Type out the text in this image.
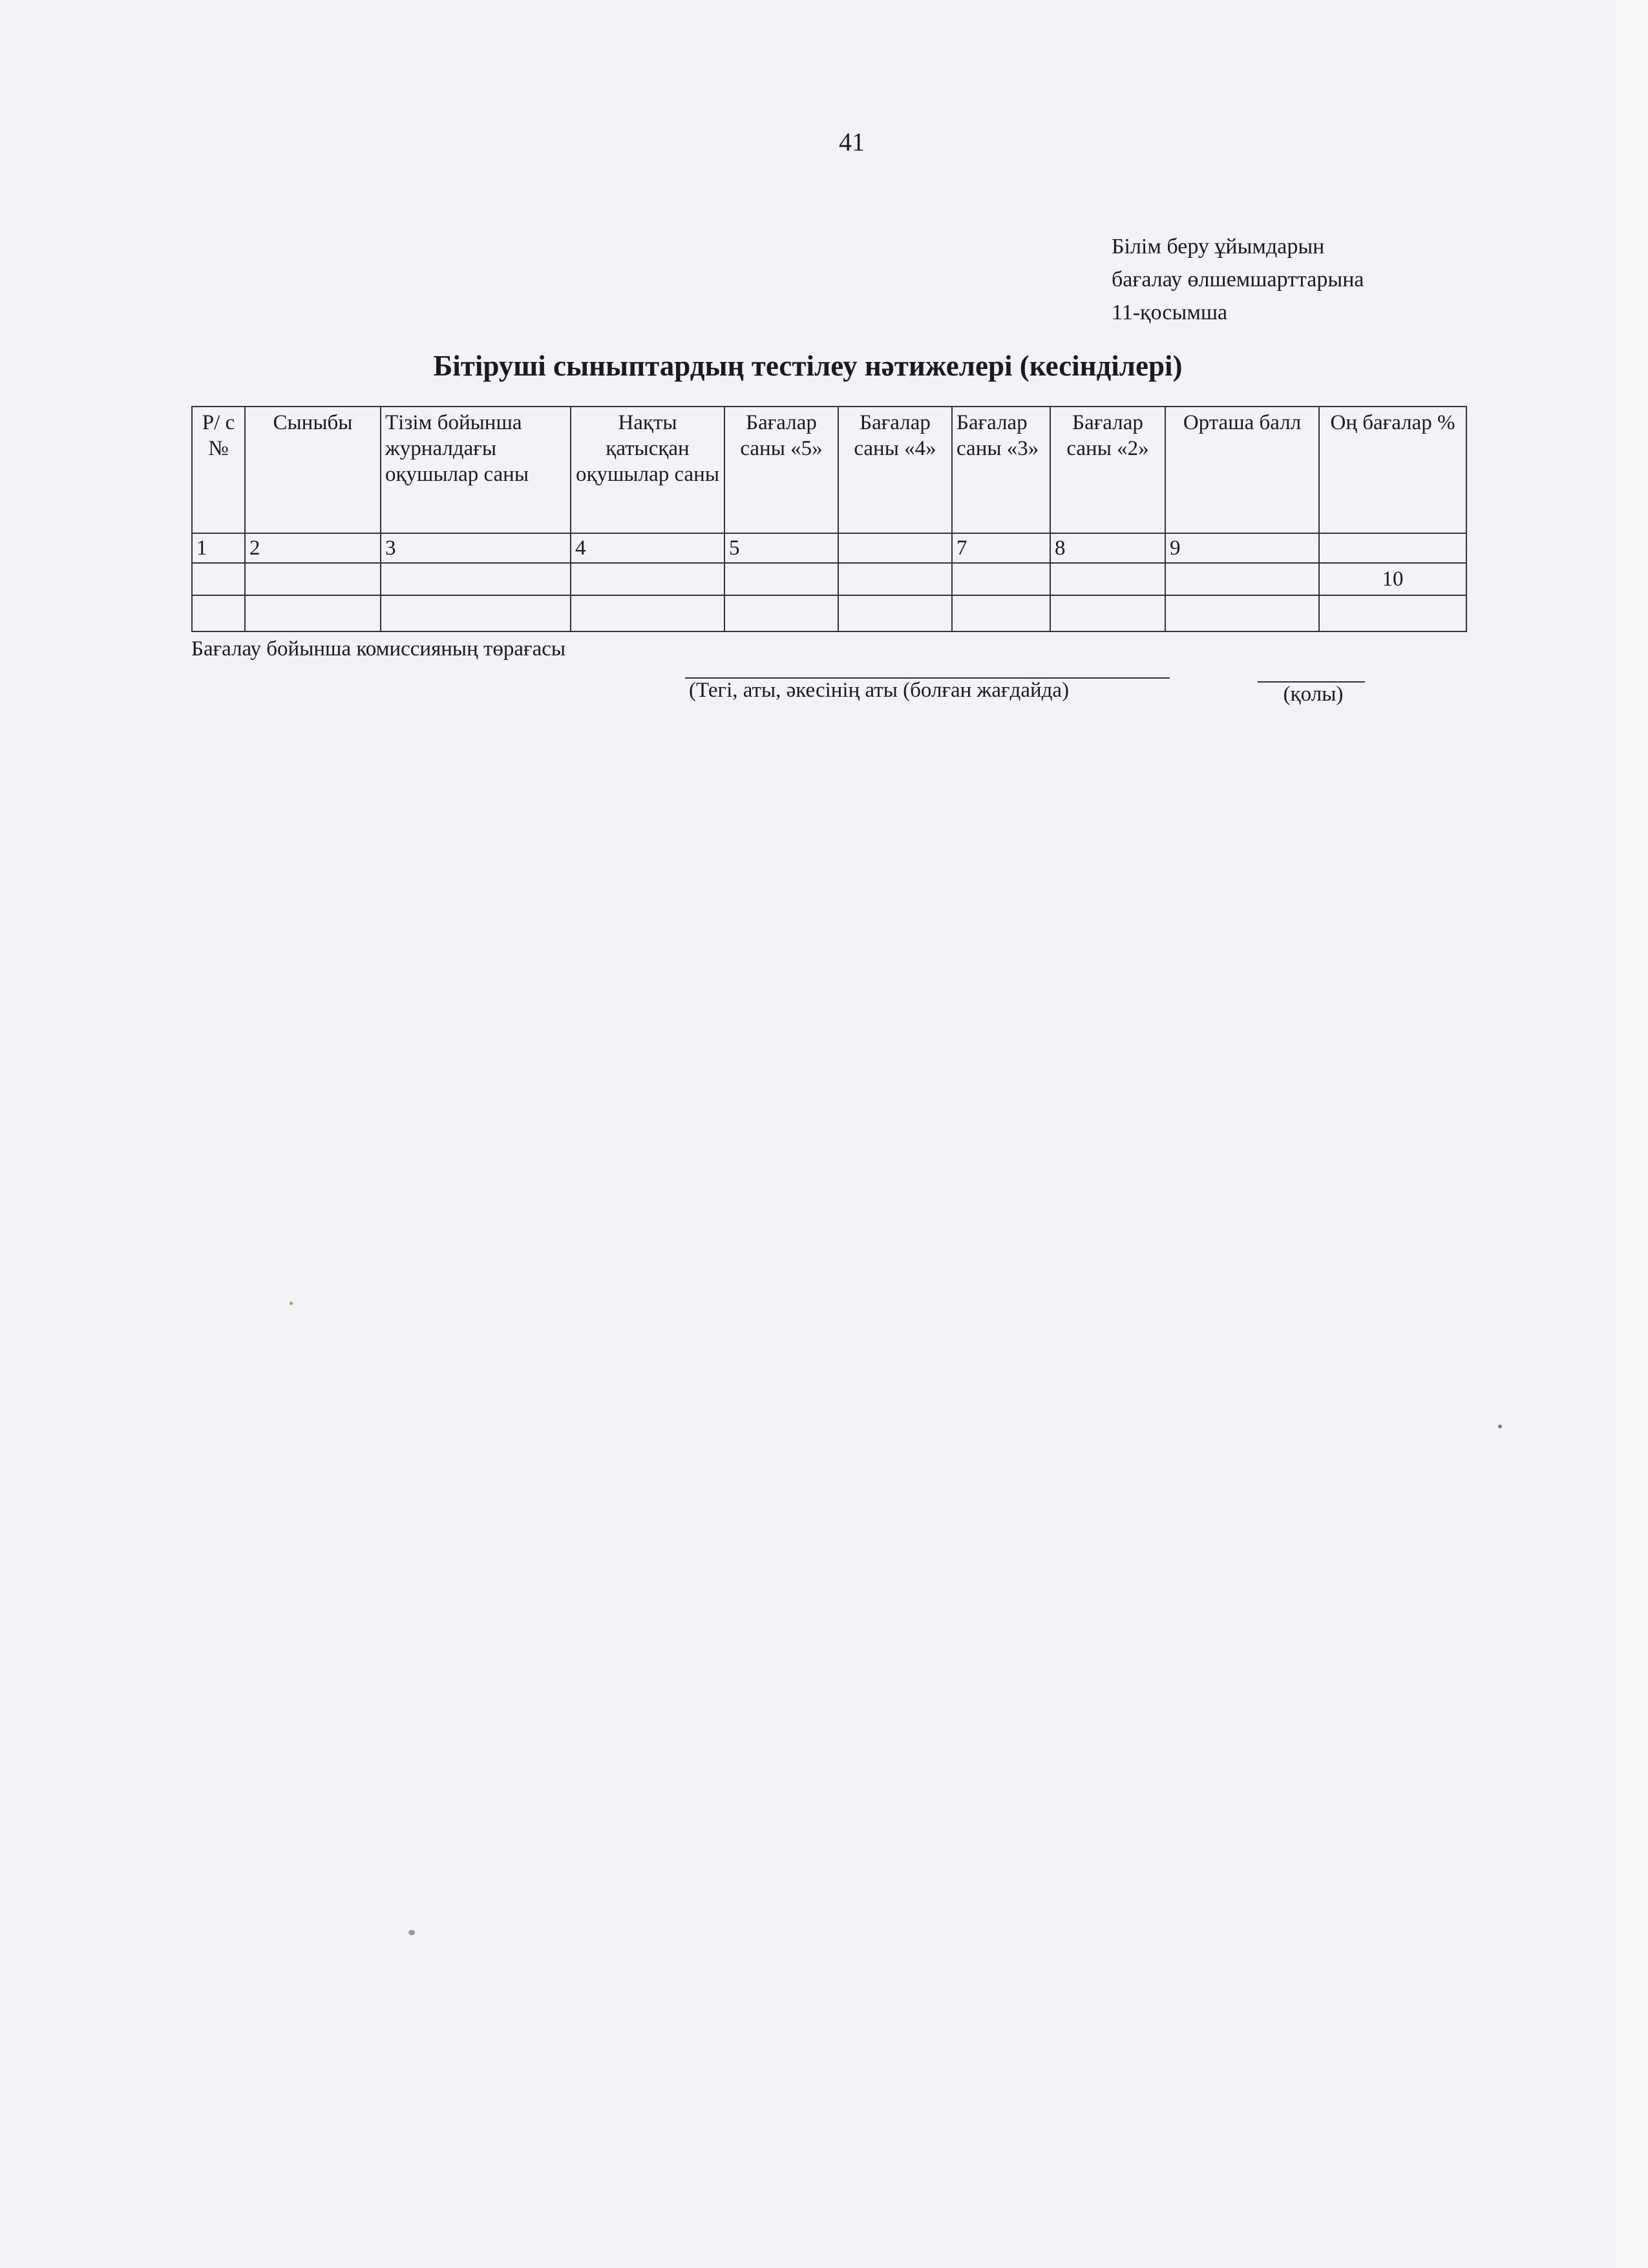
41
Білім беру ұйымдарын
бағалау өлшемшарттарына
11-қосымша
Бітіруші сыныптардың тестілеу нәтижелері (кесінділері)
Р/ с №	Сыныбы	Тізім бойынша журналдағы оқушылар саны	Нақты қатысқан оқушылар саны	Бағалар саны «5»	Бағалар саны «4»	Бағалар саны «3»	Бағалар саны «2»	Орташа балл	Оң бағалар %
1	2	3	4	5		7	8	9	
									10

Бағалау бойынша комиссияның төрағасы
(Тегі, аты, әкесінің аты (болған жағдайда)	(қолы)
